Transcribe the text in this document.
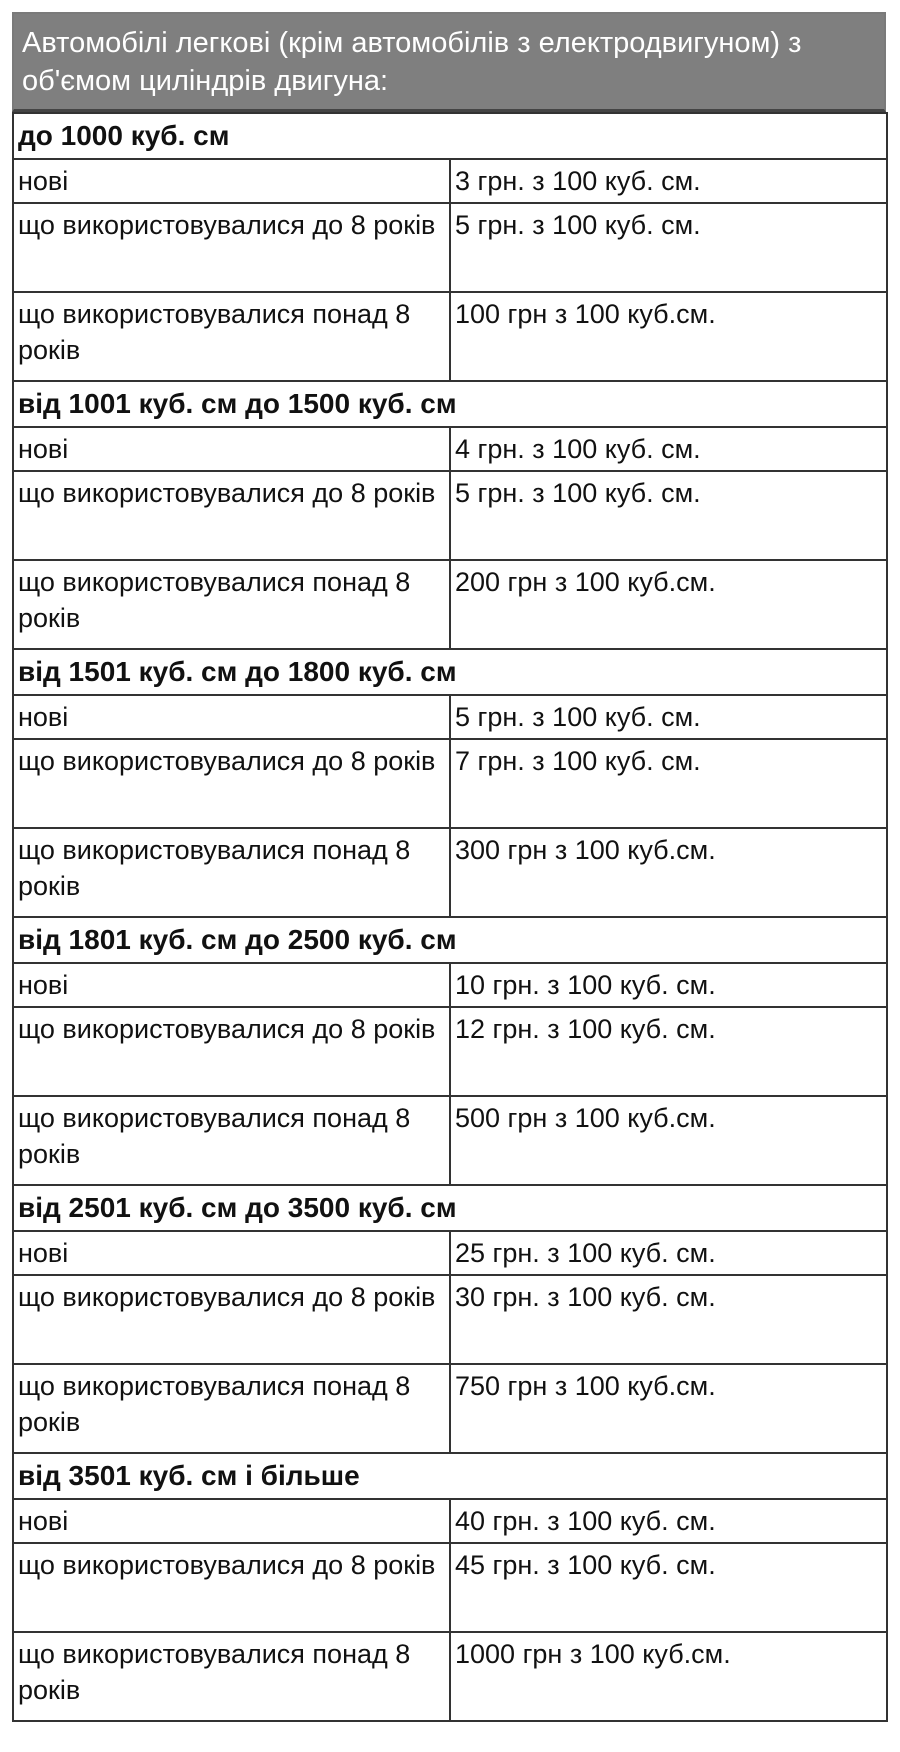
Автомобілі легкові (крім автомобілів з електродвигуном) з об'ємом циліндрів двигуна:
до 1000 куб. см	
нові	3 грн. з 100 куб. см.
що використовувалися до 8 років	5 грн. з 100 куб. см.
що використовувалися понад 8 років	100 грн з 100 куб.см.
від 1001 куб. см до 1500 куб. см	
нові	4 грн. з 100 куб. см.
що використовувалися до 8 років	5 грн. з 100 куб. см.
що використовувалися понад 8 років	200 грн з 100 куб.см.
від 1501 куб. см до 1800 куб. см	
нові	5 грн. з 100 куб. см.
що використовувалися до 8 років	7 грн. з 100 куб. см.
що використовувалися понад 8 років	300 грн з 100 куб.см.
від 1801 куб. см до 2500 куб. см	
нові	10 грн. з 100 куб. см.
що використовувалися до 8 років	12 грн. з 100 куб. см.
що використовувалися понад 8 років	500 грн з 100 куб.см.
від 2501 куб. см до 3500 куб. см	
нові	25 грн. з 100 куб. см.
що використовувалися до 8 років	30 грн. з 100 куб. см.
що використовувалися понад 8 років	750 грн з 100 куб.см.
від 3501 куб. см і більше	
нові	40 грн. з 100 куб. см.
що використовувалися до 8 років	45 грн. з 100 куб. см.
що використовувалися понад 8 років	1000 грн з 100 куб.см.
